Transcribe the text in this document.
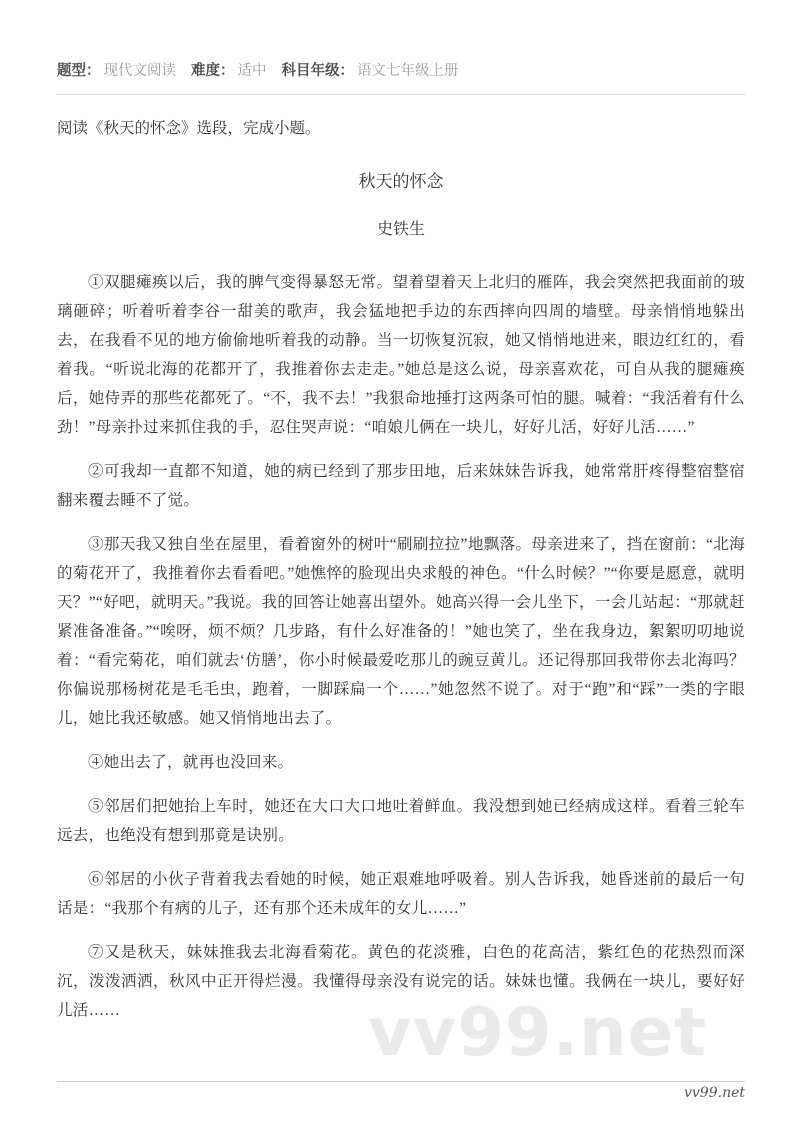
vv99.net
题型： 现代文阅读 难度： 适中 科目年级： 语文七年级上册

阅读《秋天的怀念》选段，完成小题。

秋天的怀念
史铁生

①双腿瘫痪以后，我的脾气变得暴怒无常。望着望着天上北归的雁阵，我会突然把我面前的玻璃砸碎；听着听着李谷一甜美的歌声，我会猛地把手边的东西摔向四周的墙壁。母亲悄悄地躲出去，在我看不见的地方偷偷地听着我的动静。当一切恢复沉寂，她又悄悄地进来，眼边红红的，看着我。“听说北海的花都开了，我推着你去走走。”她总是这么说，母亲喜欢花，可自从我的腿瘫痪后，她侍弄的那些花都死了。“不，我不去！”我狠命地捶打这两条可怕的腿。喊着：“我活着有什么劲！”母亲扑过来抓住我的手，忍住哭声说：“咱娘儿俩在一块儿，好好儿活，好好儿活……”

②可我却一直都不知道，她的病已经到了那步田地，后来妹妹告诉我，她常常肝疼得整宿整宿翻来覆去睡不了觉。

③那天我又独自坐在屋里，看着窗外的树叶“刷刷拉拉”地飘落。母亲进来了，挡在窗前：“北海的菊花开了，我推着你去看看吧。”她憔悴的脸现出央求般的神色。“什么时候？”“你要是愿意，就明天？”“好吧，就明天。”我说。我的回答让她喜出望外。她高兴得一会儿坐下，一会儿站起：“那就赶紧准备准备。”“唉呀，烦不烦？几步路，有什么好准备的！”她也笑了，坐在我身边，絮絮叨叨地说着：“看完菊花，咱们就去‘仿膳’，你小时候最爱吃那儿的豌豆黄儿。还记得那回我带你去北海吗？你偏说那杨树花是毛毛虫，跑着，一脚踩扁一个……”她忽然不说了。对于“跑”和“踩”一类的字眼儿，她比我还敏感。她又悄悄地出去了。

④她出去了，就再也没回来。

⑤邻居们把她抬上车时，她还在大口大口地吐着鲜血。我没想到她已经病成这样。看着三轮车远去，也绝没有想到那竟是诀别。

⑥邻居的小伙子背着我去看她的时候，她正艰难地呼吸着。别人告诉我，她昏迷前的最后一句话是：“我那个有病的儿子，还有那个还未成年的女儿……”

⑦又是秋天，妹妹推我去北海看菊花。黄色的花淡雅，白色的花高洁，紫红色的花热烈而深沉，泼泼洒洒，秋风中正开得烂漫。我懂得母亲没有说完的话。妹妹也懂。我俩在一块儿，要好好儿活……

vv99.net
